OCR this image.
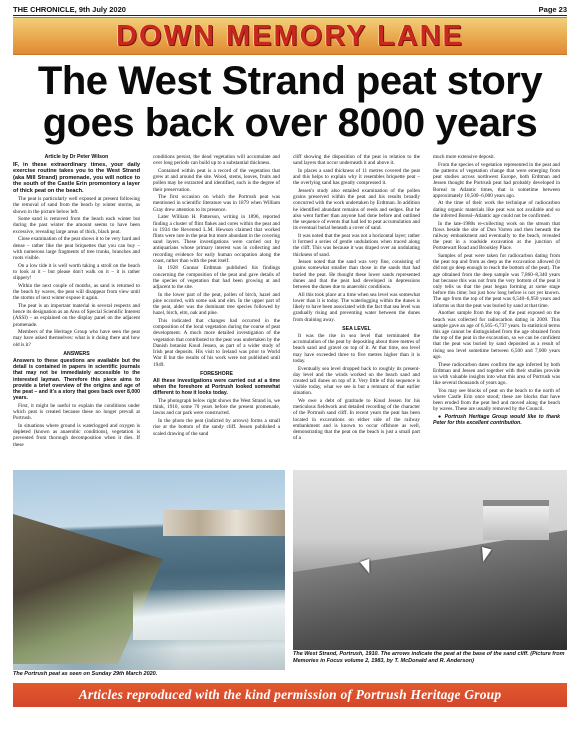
THE CHRONICLE, 9th July 2020	Page 23
DOWN MEMORY LANE
The West Strand peat story
goes back over 8000 years

Article by Dr Peter Wilson

IF, in these extraordinary times, your daily exercise routine takes you to the West Strand (aka Mill Strand) promenade, you will notice to the south of the Castle Erin promontory a layer of thick peat on the beach.

The peat is particularly well exposed at present following the removal of sand from the beach by winter storms, as shown in the picture below left.

Some sand is removed from the beach each winter but during the past winter the amount seems to have been excessive, revealing large areas of thick, black peat.

Close examination of the peat shows it to be very hard and dense – rather like the peat briquettes that you can buy – with numerous large fragments of tree trunks, branches and roots visible.

On a low tide it is well worth taking a stroll on the beach to look at it – but please don't walk on it – it is rather slippery!

Within the next couple of months, as sand is returned to the beach by waves, the peat will disappear from view until the storms of next winter expose it again.

The peat is an important material in several respects and hence its designation as an Area of Special Scientific Interest (ASSI) – as explained on the display panel on the adjacent promenade.

Members of the Heritage Group who have seen the peat may have asked themselves: what is it doing there and how old is it?

ANSWERS

Answers to these questions are available but the detail is contained in papers in scientific journals that may not be immediately accessible to the interested layman. Therefore this piece aims to provide a brief overview of the origins and age of the peat – and it's a story that goes back over 8,000 years.

First, it might be useful to explain the conditions under which peat is created because these no longer prevail at Portrush.

In situations where ground is waterlogged and oxygen is depleted (known as anaerobic conditions), vegetation is prevented from thorough decomposition when it dies. If these

conditions persist, the dead vegetation will accumulate and over long periods can build up to a substantial thickness.

Contained within peat is a record of the vegetation that grew at and around the site. Wood, stems, leaves, fruits and pollen may be extracted and identified, such is the degree of their preservation.

The first occasion on which the Portrush peat was mentioned in scientific literature was in 1879 when William Gray drew attention to its presence.

Later William H. Patterson, writing in 1896, reported finding a cluster of flint flakes and cores within the peat and in 1934 the Reverend L.M. Hewson claimed that worked flints were rare in the peat but more abundant in the covering sand layers. These investigations were carried out by antiquarians whose primary interest was in collecting and recording evidence for early human occupation along the coast, rather than with the peat itself.

In 1928 Gunnar Erdtman published his findings concerning the composition of the peat and gave details of the species of vegetation that had been growing at and adjacent to the site.

In the lower part of the peat, pollen of birch, hazel and pine occurred, with some oak and elm. In the upper part of the peat, alder was the dominant tree species followed by hazel, birch, elm, oak and pine.

This indicated that changes had occurred in the composition of the local vegetation during the course of peat development. A much more detailed investigation of the vegetation that contributed to the peat was undertaken by the Danish botanist Knud Jessen, as part of a wider study of Irish peat deposits. His visit to Ireland was prior to World War II but the results of his work were not published until 1949.

FORESHORE

All these investigations were carried out at a time when the foreshore at Portrush looked somewhat different to how it looks today.

The photograph below right shows the West Strand in, we think, 1910, some 70 years before the present promenade, lawns and car park were constructed.

In the photo the peat (indicted by arrows) forms a small rise at the bottom of the sandy cliff. Jessen published a scaled drawing of the sand

cliff showing the disposition of the peat in relation to the sand layers that occur underneath it and above it.

In places a sand thickness of 11 metres covered the peat and this helps to explain why it resembles briquette peat – the overlying sand has greatly compressed it.

Jessen's study also entailed examination of the pollen grains preserved within the peat and his results broadly concurred with the work undertaken by Erdtman. In addition he identified abundant remains of reeds and sedges. But he also went further than anyone had done before and outlined the sequence of events that had led to peat accumulation and its eventual burial beneath a cover of sand.

It was noted that the peat was not a horizontal layer; rather it formed a series of gentle undulations when traced along the cliff. This was because it was draped over an undulating thickness of sand.

Jessen noted that the sand was very fine, consisting of grains somewhat smaller than those in the sands that had buried the peat. He thought these lower sands represented dunes and that the peat had developed in depressions between the dunes due to anaerobic conditions.

All this took place at a time when sea level was somewhat lower than it is today. The waterlogging within the dunes is likely to have been associated with the fact that sea level was gradually rising and preventing water between the dunes from draining away.

SEA LEVEL

It was the rise in sea level that terminated the accumulation of the peat by depositing about three metres of beach sand and gravel on top of it. At that time, sea level may have exceeded three to five metres higher than it is today.

Eventually sea level dropped back to roughly its present-day level and the winds worked on the beach sand and created tall dunes on top of it. Very little of this sequence is visible today, what we see is but a remnant of that earlier situation.

We owe a debt of gratitude to Knud Jessen for his meticulous fieldwork and detailed recording of the character of the Portrush sand cliff. In recent years the peat has been located in excavations on either side of the railway embankment and is known to occur offshore as well, demonstrating that the peat on the beach is just a small part of a

much more extensive deposit.

From the species of vegetation represented in the peat and the patterns of vegetation change that were emerging from peat studies across northwest Europe, both Erdtman and Jessen thought the Portrush peat had probably developed in Boreal to Atlantic times, that is sometime between approximately 10,500–6,000 years ago.

At the time of their work the technique of radiocarbon dating organic materials like peat was not available and so the inferred Boreal–Atlantic age could not be confirmed.

In the late-1980s re-collecting work on the stream that flows beside the site of Dun Varren and then beneath the railway embankment and eventually to the beach, revealed the peat in a roadside excavation at the junction of Portstewart Road and Brookley Place.

Samples of peat were taken for radiocarbon dating from the peat top and from as deep as the excavation allowed (it did not go deep enough to reach the bottom of the peat). The age obtained from the deep sample was 7,860–8,340 years but because this was not from the very bottom of the peat it only tells us that the peat began forming at some stage before this time; but just how long before is not yet known. The age from the top of the peat was 6,540–6,950 years and informs us that the peat was buried by sand at that time.

Another sample from the top of the peat exposed on the beach was collected for radiocarbon dating in 2009. This sample gave an age of 6,565–6,737 years. In statistical terms this age cannot be distinguished from the age obtained from the top of the peat in the excavation, so we can be confident that the peat was buried by sand deposited as a result of rising sea level sometime between 6,500 and 7,000 years ago.

These radiocarbon dates confirm the age inferred by both Erdtman and Jessen and together with their studies provide us with valuable insights into what this area of Portrush was like several thousands of years ago.

You may see blocks of peat on the beach to the north of where Castle Erin once stood; these are blocks that have been eroded from the peat bed and moved along the beach by waves. These are usually removed by the Council.

● Portrush Heritage Group would like to thank Peter for this excellent contribution.

The Portrush peat as seen on Sunday 29th March 2020.
The West Strand, Portrush, 1910. The arrows indicate the peat at the base of the sand cliff. (Picture from Memories in Focus volume 2, 1983, by T. McDonald and R. Anderson)
Articles reproduced with the kind permission of Portrush Heritage Group
